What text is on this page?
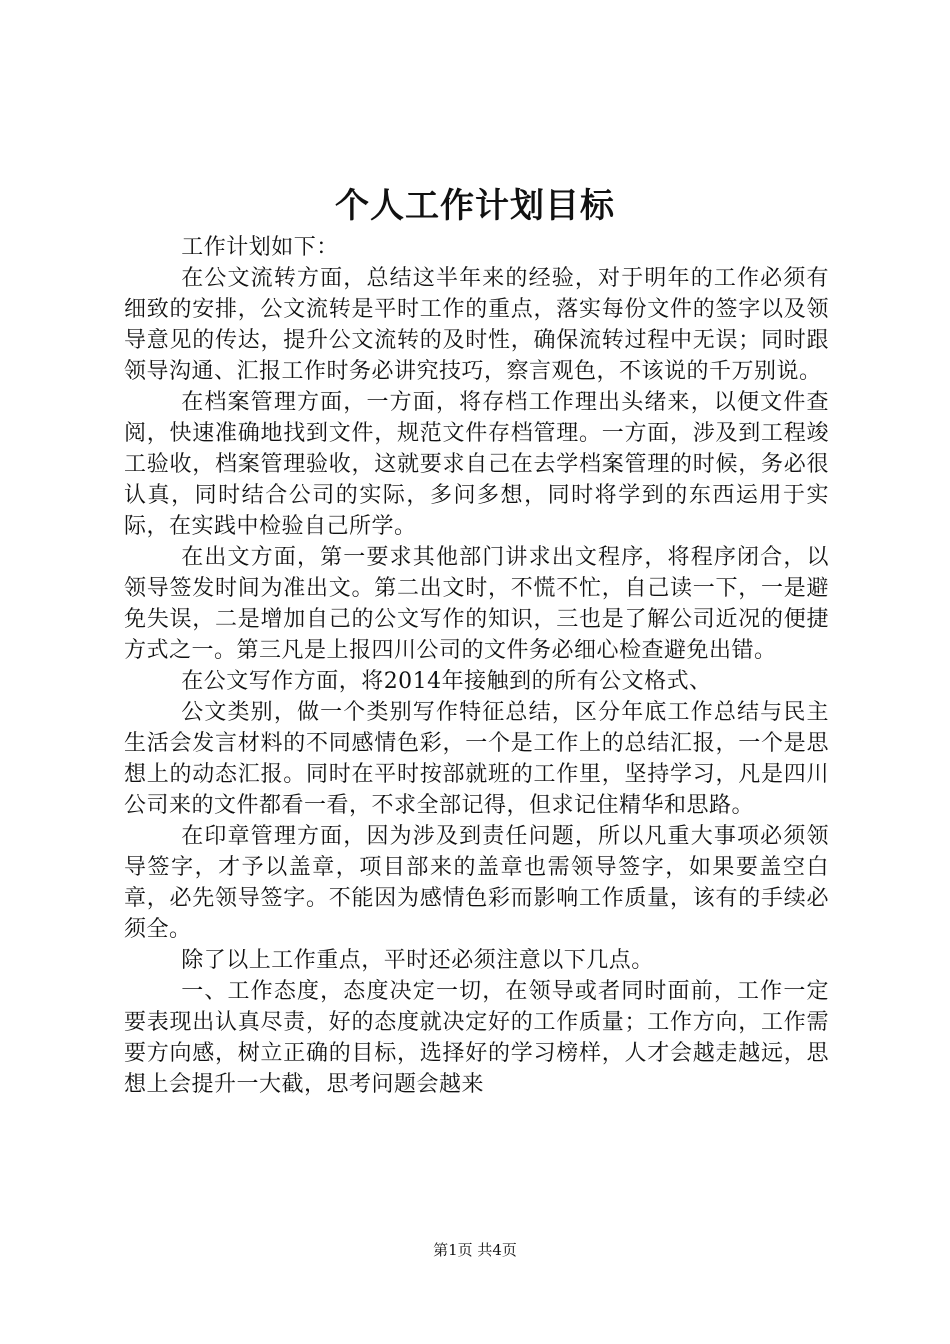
个人工作计划目标

工作计划如下：

在公文流转方面，总结这半年来的经验，对于明年的工作必须有细致的安排，公文流转是平时工作的重点，落实每份文件的签字以及领导意见的传达，提升公文流转的及时性，确保流转过程中无误；同时跟领导沟通、汇报工作时务必讲究技巧，察言观色，不该说的千万别说。

在档案管理方面，一方面，将存档工作理出头绪来，以便文件查阅，快速准确地找到文件，规范文件存档管理。一方面，涉及到工程竣工验收，档案管理验收，这就要求自己在去学档案管理的时候，务必很认真，同时结合公司的实际，多问多想，同时将学到的东西运用于实际，在实践中检验自己所学。

在出文方面，第一要求其他部门讲求出文程序，将程序闭合，以领导签发时间为准出文。第二出文时，不慌不忙，自己读一下，一是避免失误，二是增加自己的公文写作的知识，三也是了解公司近况的便捷方式之一。第三凡是上报四川公司的文件务必细心检查避免出错。

在公文写作方面，将2014年接触到的所有公文格式、

公文类别，做一个类别写作特征总结，区分年底工作总结与民主生活会发言材料的不同感情色彩，一个是工作上的总结汇报，一个是思想上的动态汇报。同时在平时按部就班的工作里，坚持学习，凡是四川公司来的文件都看一看，不求全部记得，但求记住精华和思路。

在印章管理方面，因为涉及到责任问题，所以凡重大事项必须领导签字，才予以盖章，项目部来的盖章也需领导签字，如果要盖空白章，必先领导签字。不能因为感情色彩而影响工作质量，该有的手续必须全。

除了以上工作重点，平时还必须注意以下几点。

一、工作态度，态度决定一切，在领导或者同时面前，工作一定要表现出认真尽责，好的态度就决定好的工作质量；工作方向，工作需要方向感，树立正确的目标，选择好的学习榜样，人才会越走越远，思想上会提升一大截，思考问题会越来

第1页 共4页
